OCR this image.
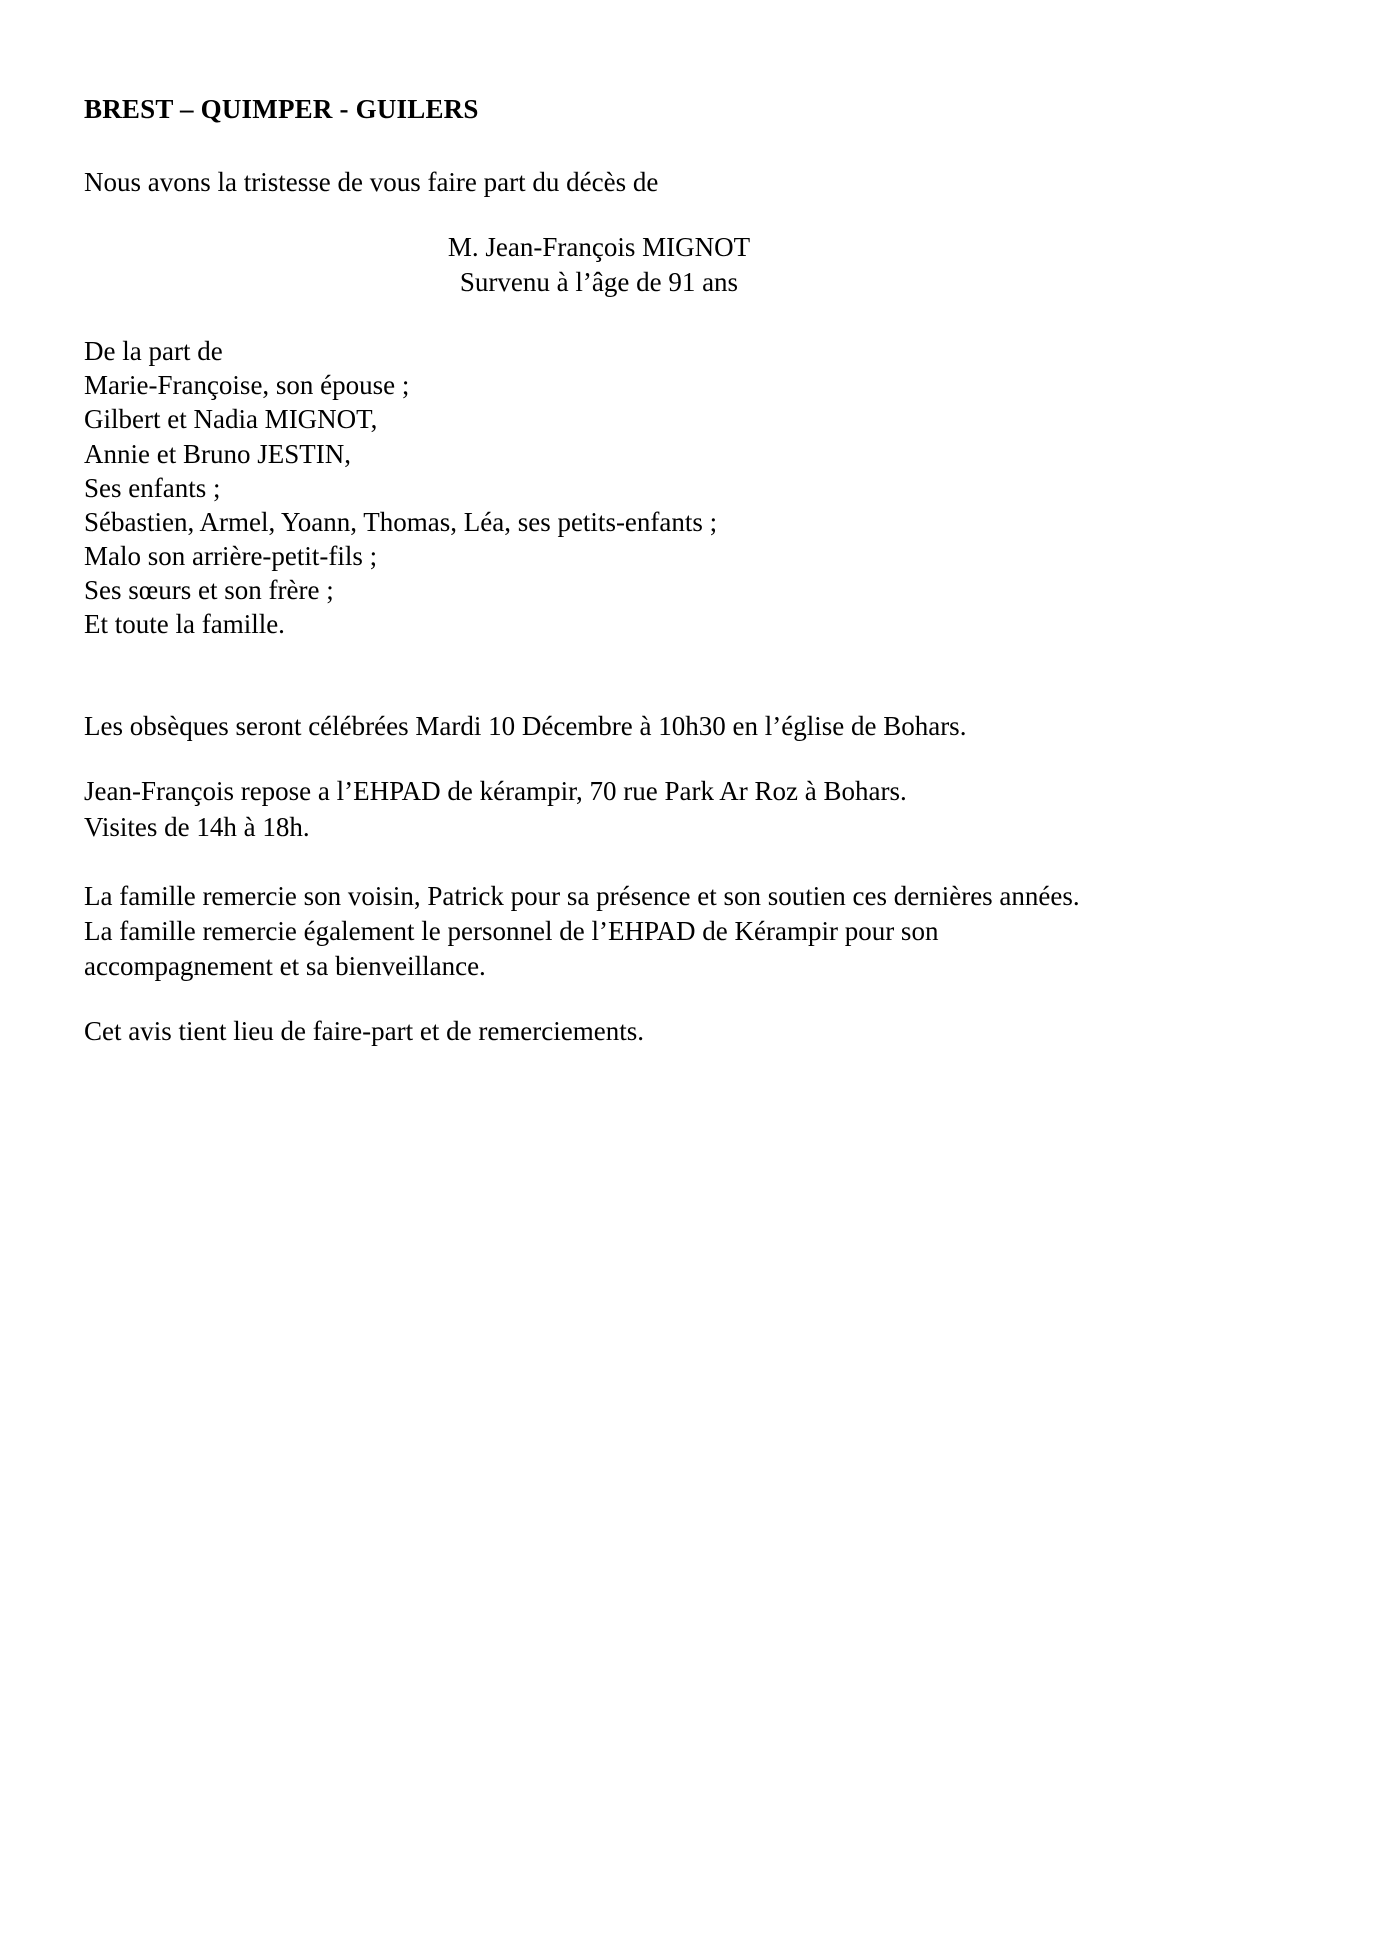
BREST – QUIMPER - GUILERS
Nous avons la tristesse de vous faire part du décès de
M. Jean-François MIGNOT
Survenu à l’âge de 91 ans
De la part de
Marie-Françoise, son épouse ;
Gilbert et Nadia MIGNOT,
Annie et Bruno JESTIN,
Ses enfants ;
Sébastien, Armel, Yoann, Thomas, Léa, ses petits-enfants ;
Malo son arrière-petit-fils ;
Ses sœurs et son frère ;
Et toute la famille.
Les obsèques seront célébrées Mardi 10 Décembre à 10h30 en l’église de Bohars.
Jean-François repose a l’EHPAD de kérampir, 70 rue Park Ar Roz à Bohars.
Visites de 14h à 18h.
La famille remercie son voisin, Patrick pour sa présence et son soutien ces dernières années.
La famille remercie également le personnel de l’EHPAD de Kérampir pour son
accompagnement et sa bienveillance.
Cet avis tient lieu de faire-part et de remerciements.
